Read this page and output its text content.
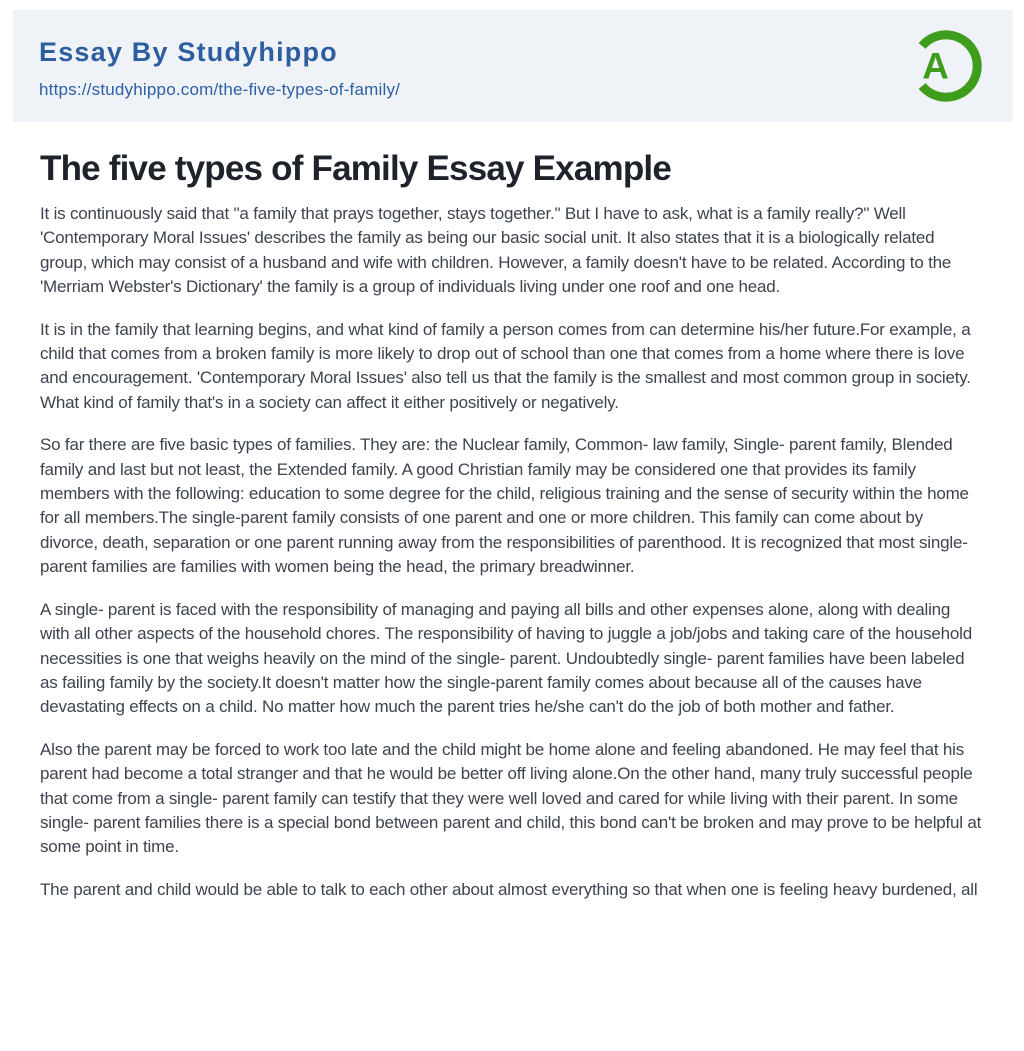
Essay By Studyhippo
https://studyhippo.com/the-five-types-of-family/
A
The five types of Family Essay Example

It is continuously said that "a family that prays together, stays together." But I have to ask, what is a family really?" Well 'Contemporary Moral Issues' describes the family as being our basic social unit. It also states that it is a biologically related group, which may consist of a husband and wife with children. However, a family doesn't have to be related. According to the 'Merriam Webster's Dictionary' the family is a group of individuals living under one roof and one head.

It is in the family that learning begins, and what kind of family a person comes from can determine his/her future.For example, a child that comes from a broken family is more likely to drop out of school than one that comes from a home where there is love and encouragement. 'Contemporary Moral Issues' also tell us that the family is the smallest and most common group in society. What kind of family that's in a society can affect it either positively or negatively.

So far there are five basic types of families. They are: the Nuclear family, Common- law family, Single- parent family, Blended family and last but not least, the Extended family. A good Christian family may be considered one that provides its family members with the following: education to some degree for the child, religious training and the sense of security within the home for all members.The single-parent family consists of one parent and one or more children. This family can come about by divorce, death, separation or one parent running away from the responsibilities of parenthood. It is recognized that most single-parent families are families with women being the head, the primary breadwinner.

A single- parent is faced with the responsibility of managing and paying all bills and other expenses alone, along with dealing with all other aspects of the household chores. The responsibility of having to juggle a job/jobs and taking care of the household necessities is one that weighs heavily on the mind of the single- parent. Undoubtedly single- parent families have been labeled as failing family by the society.It doesn't matter how the single-parent family comes about because all of the causes have devastating effects on a child. No matter how much the parent tries he/she can't do the job of both mother and father.

Also the parent may be forced to work too late and the child might be home alone and feeling abandoned. He may feel that his parent had become a total stranger and that he would be better off living alone.On the other hand, many truly successful people that come from a single- parent family can testify that they were well loved and cared for while living with their parent. In some single- parent families there is a special bond between parent and child, this bond can't be broken and may prove to be helpful at some point in time.

The parent and child would be able to talk to each other about almost everything so that when one is feeling heavy burdened, all
